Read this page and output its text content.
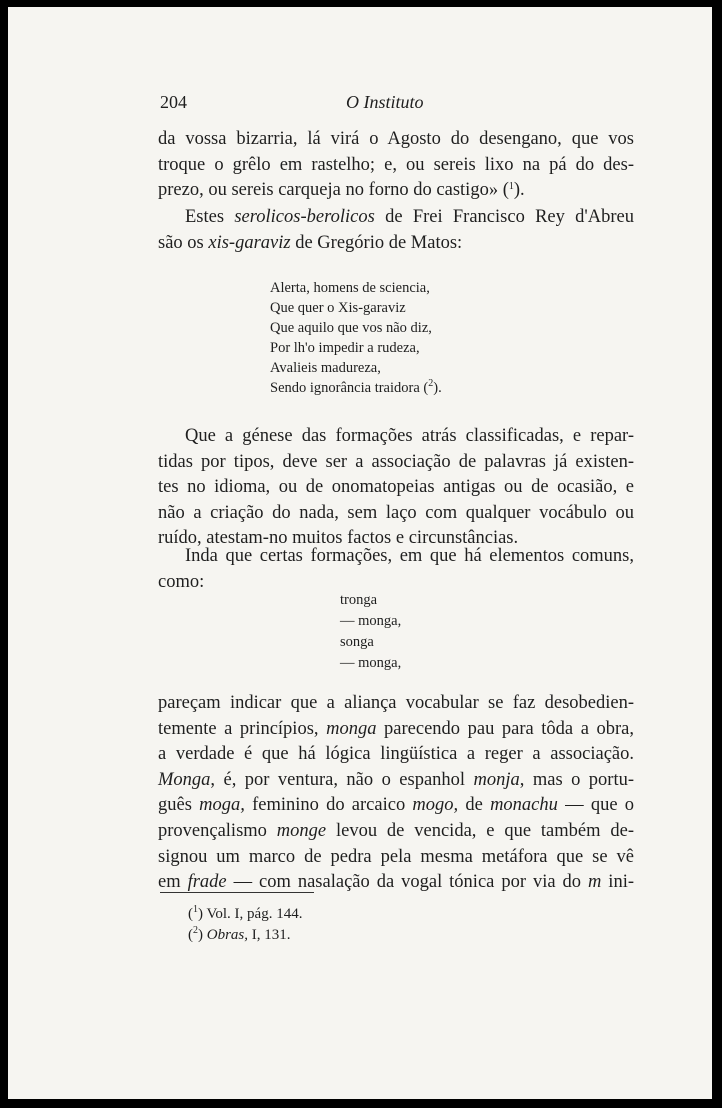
204	O Instituto
da vossa bizarria, lá virá o Agosto do desengano, que vos
troque o grêlo em rastelho; e, ou sereis lixo na pá do des-
prezo, ou sereis carqueja no forno do castigo» ($^1$).
Estes serolicos-berolicos de Frei Francisco Rey d'Abreu
são os xis-garaviz de Gregório de Matos:
Alerta, homens de sciencia,
Que quer o Xis-garaviz
Que aquilo que vos não diz,
Por lh'o impedir a rudeza,
Avalieis madureza,
Sendo ignorância traidora ($^2$).
Que a génese das formações atrás classificadas, e repar-
tidas por tipos, deve ser a associação de palavras já existen-
tes no idioma, ou de onomatopeias antigas ou de ocasião, e
não a criação do nada, sem laço com qualquer vocábulo ou
ruído, atestam-no muitos factos e circunstâncias.
Inda que certas formações, em que há elementos comuns,
como:
tronga
— monga,
songa
— monga,
pareçam indicar que a aliança vocabular se faz desobedien-
temente a princípios, monga parecendo pau para tôda a obra,
a verdade é que há lógica lingüística a reger a associação.
Monga, é, por ventura, não o espanhol monja, mas o portu-
guês moga, feminino do arcaico mogo, de monachu — que o
provençalismo monge levou de vencida, e que também de-
signou um marco de pedra pela mesma metáfora que se vê
em frade — com nasalação da vogal tónica por via do m ini-
($^1$) Vol. I, pág. 144.
($^2$) Obras, I, 131.
